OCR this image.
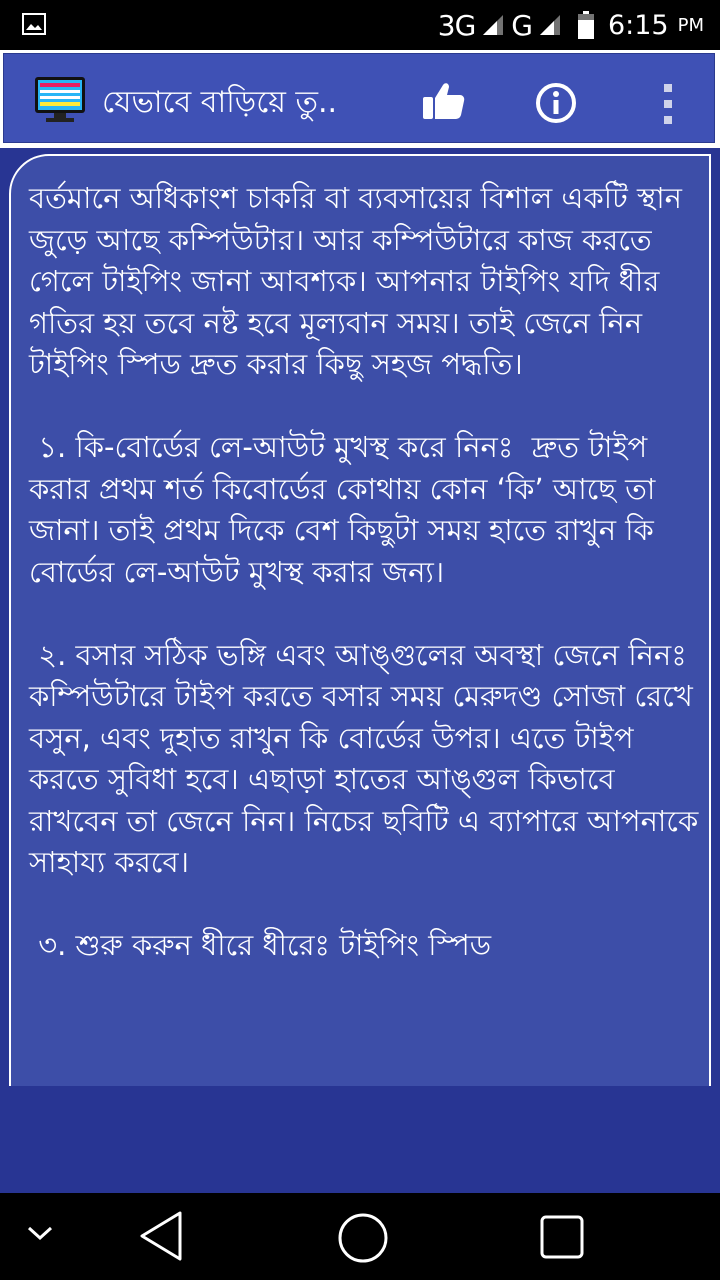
3G G	6:15 PM
যেভাবে বাড়িয়ে তু..

বর্তমানে অধিকাংশ চাকরি বা ব্যবসায়ের বিশাল একটি স্থান জুড়ে আছে কম্পিউটার। আর কম্পিউটারে কাজ করতে গেলে টাইপিং জানা আবশ্যক। আপনার টাইপিং যদি ধীর গতির হয় তবে নষ্ট হবে মূল্যবান সময়। তাই জেনে নিন টাইপিং স্পিড দ্রুত করার কিছু সহজ পদ্ধতি।

১. কি-বোর্ডের লে-আউট মুখস্থ করে নিনঃ  দ্রুত টাইপ করার প্রথম শর্ত কিবোর্ডের কোথায় কোন ‘কি’ আছে তা জানা। তাই প্রথম দিকে বেশ কিছুটা সময় হাতে রাখুন কি বোর্ডের লে-আউট মুখস্থ করার জন্য।

২. বসার সঠিক ভঙ্গি এবং আঙ্গুলের অবস্থা জেনে নিনঃ কম্পিউটারে টাইপ করতে বসার সময় মেরুদণ্ড সোজা রেখে বসুন, এবং দুহাত রাখুন কি বোর্ডের উপর। এতে টাইপ করতে সুবিধা হবে। এছাড়া হাতের আঙ্গুল কিভাবে রাখবেন তা জেনে নিন। নিচের ছবিটি এ ব্যাপারে আপনাকে সাহায্য করবে।

৩. শুরু করুন ধীরে ধীরেঃ টাইপিং স্পিড
